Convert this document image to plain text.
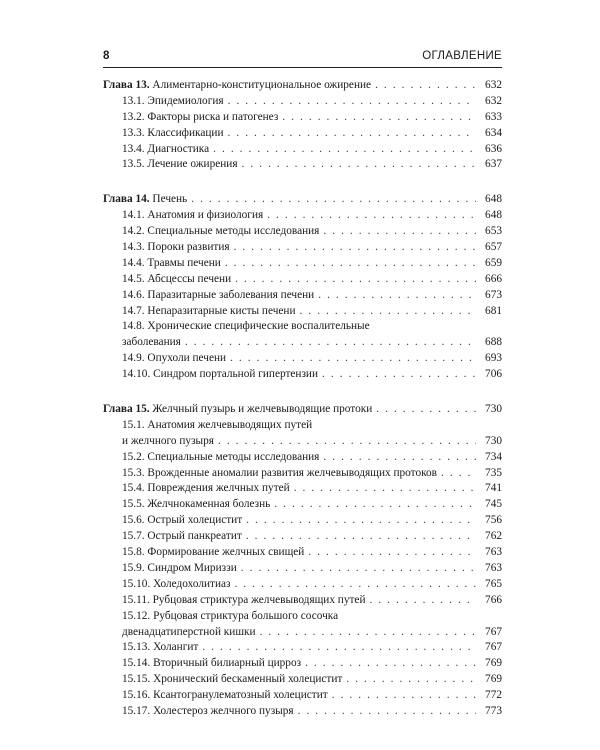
8	ОГЛАВЛЕНИЕ
Глава 13. Алиментарно-конституциональное ожирение . . .	632
13.1. Эпидемиология . . .	632
13.2. Факторы риска и патогенез . . .	633
13.3. Классификации . . .	634
13.4. Диагностика . . .	636
13.5. Лечение ожирения . . .	637
Глава 14. Печень . . .	648
14.1. Анатомия и физиология . . .	648
14.2. Специальные методы исследования . . .	653
14.3. Пороки развития . . .	657
14.4. Травмы печени . . .	659
14.5. Абсцессы печени . . .	666
14.6. Паразитарные заболевания печени . . .	673
14.7. Непаразитарные кисты печени . . .	681
14.8. Хронические специфические воспалительные
заболевания . . .	688
14.9. Опухоли печени . . .	693
14.10. Синдром портальной гипертензии . . .	706
Глава 15. Желчный пузырь и желчевыводящие протоки . . .	730
15.1. Анатомия желчевыводящих путей
и желчного пузыря . . .	730
15.2. Специальные методы исследования . . .	734
15.3. Врожденные аномалии развития желчевыводящих протоков . . .	735
15.4. Повреждения желчных путей . . .	741
15.5. Желчнокаменная болезнь . . .	745
15.6. Острый холецистит . . .	756
15.7. Острый панкреатит . . .	762
15.8. Формирование желчных свищей . . .	763
15.9. Синдром Мириззи . . .	763
15.10. Холедохолитиаз . . .	765
15.11. Рубцовая стриктура желчевыводящих путей . . .	766
15.12. Рубцовая стриктура большого сосочка
двенадцатиперстной кишки . . .	767
15.13. Холангит . . .	767
15.14. Вторичный билиарный цирроз . . .	769
15.15. Хронический бескаменный холецистит . . .	769
15.16. Ксантогранулематозный холецистит . . .	772
15.17. Холестероз желчного пузыря . . .	773
